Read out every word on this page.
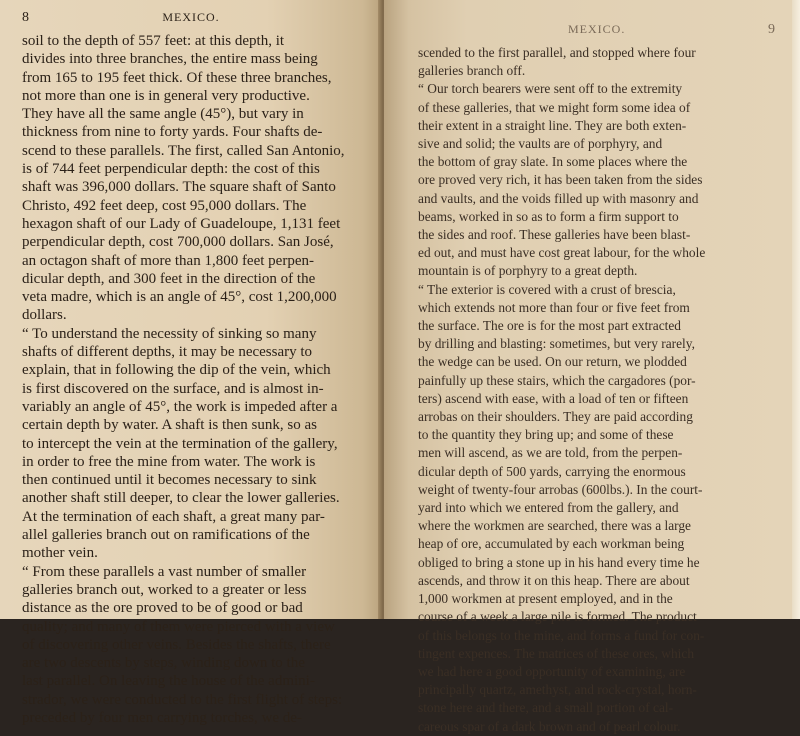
8	MEXICO.
soil to the depth of 557 feet: at this depth, it
divides into three branches, the entire mass being
from 165 to 195 feet thick. Of these three branches,
not more than one is in general very productive.
They have all the same angle (45°), but vary in
thickness from nine to forty yards. Four shafts de-
scend to these parallels. The first, called San Antonio,
is of 744 feet perpendicular depth: the cost of this
shaft was 396,000 dollars. The square shaft of Santo
Christo, 492 feet deep, cost 95,000 dollars. The
hexagon shaft of our Lady of Guadeloupe, 1,131 feet
perpendicular depth, cost 700,000 dollars. San José,
an octagon shaft of more than 1,800 feet perpen-
dicular depth, and 300 feet in the direction of the
veta madre, which is an angle of 45°, cost 1,200,000
dollars.
“ To understand the necessity of sinking so many
shafts of different depths, it may be necessary to
explain, that in following the dip of the vein, which
is first discovered on the surface, and is almost in-
variably an angle of 45°, the work is impeded after a
certain depth by water. A shaft is then sunk, so as
to intercept the vein at the termination of the gallery,
in order to free the mine from water. The work is
then continued until it becomes necessary to sink
another shaft still deeper, to clear the lower galleries.
At the termination of each shaft, a great many par-
allel galleries branch out on ramifications of the
mother vein.
“ From these parallels a vast number of smaller
galleries branch out, worked to a greater or less
distance as the ore proved to be of good or bad
quality; and many of them were pierced with a view
of discovering other veins. Besides the shafts, there
are two descents by steps, winding down to the
last parallel. On leaving the house of the admini-
strador, we were conducted to the first flight of steps:
preceded by four men carrying torches, we de-
MEXICO.	9
scended to the first parallel, and stopped where four
galleries branch off.
“ Our torch bearers were sent off to the extremity
of these galleries, that we might form some idea of
their extent in a straight line. They are both exten-
sive and solid; the vaults are of porphyry, and
the bottom of gray slate. In some places where the
ore proved very rich, it has been taken from the sides
and vaults, and the voids filled up with masonry and
beams, worked in so as to form a firm support to
the sides and roof. These galleries have been blast-
ed out, and must have cost great labour, for the whole
mountain is of porphyry to a great depth.
“ The exterior is covered with a crust of brescia,
which extends not more than four or five feet from
the surface. The ore is for the most part extracted
by drilling and blasting: sometimes, but very rarely,
the wedge can be used. On our return, we plodded
painfully up these stairs, which the cargadores (por-
ters) ascend with ease, with a load of ten or fifteen
arrobas on their shoulders. They are paid according
to the quantity they bring up; and some of these
men will ascend, as we are told, from the perpen-
dicular depth of 500 yards, carrying the enormous
weight of twenty-four arrobas (600lbs.). In the court-
yard into which we entered from the gallery, and
where the workmen are searched, there was a large
heap of ore, accumulated by each workman being
obliged to bring a stone up in his hand every time he
ascends, and throw it on this heap. There are about
1,000 workmen at present employed, and in the
course of a week a large pile is formed. The product
of this belongs to the mine, and forms a fund for con-
tingent expences. The matrices of these ores, which
we had here a good opportunity of examining, are
principally quartz, amethyst, and rock-crystal, horn-
stone here and there, and a small portion of cal-
careous spar of a dark brown and of pearl colour.
